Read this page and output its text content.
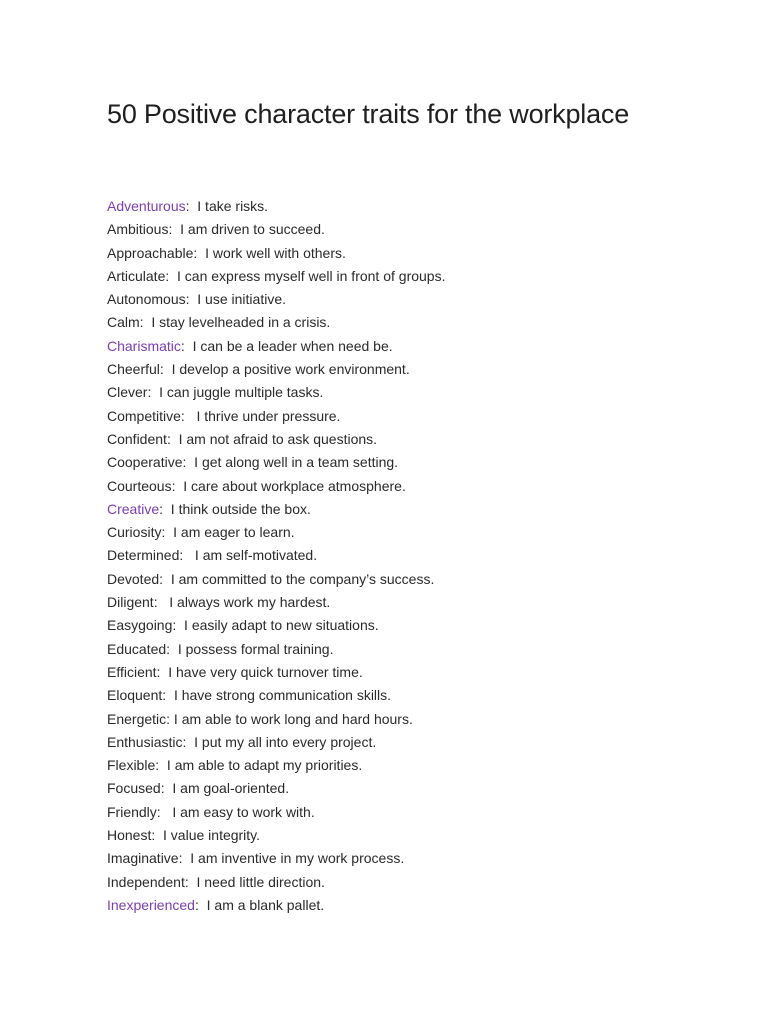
50 Positive character traits for the workplace
Adventurous:  I take risks.
Ambitious:  I am driven to succeed.
Approachable:  I work well with others.
Articulate:  I can express myself well in front of groups.
Autonomous:  I use initiative.
Calm:  I stay levelheaded in a crisis.
Charismatic:  I can be a leader when need be.
Cheerful:  I develop a positive work environment.
Clever:  I can juggle multiple tasks.
Competitive:   I thrive under pressure.
Confident:  I am not afraid to ask questions.
Cooperative:  I get along well in a team setting.
Courteous:  I care about workplace atmosphere.
Creative:  I think outside the box.
Curiosity:  I am eager to learn.
Determined:   I am self-motivated.
Devoted:  I am committed to the company’s success.
Diligent:   I always work my hardest.
Easygoing:  I easily adapt to new situations.
Educated:  I possess formal training.
Efficient:  I have very quick turnover time.
Eloquent:  I have strong communication skills.
Energetic: I am able to work long and hard hours.
Enthusiastic:  I put my all into every project.
Flexible:  I am able to adapt my priorities.
Focused:  I am goal-oriented.
Friendly:   I am easy to work with.
Honest:  I value integrity.
Imaginative:  I am inventive in my work process.
Independent:  I need little direction.
Inexperienced:  I am a blank pallet.
